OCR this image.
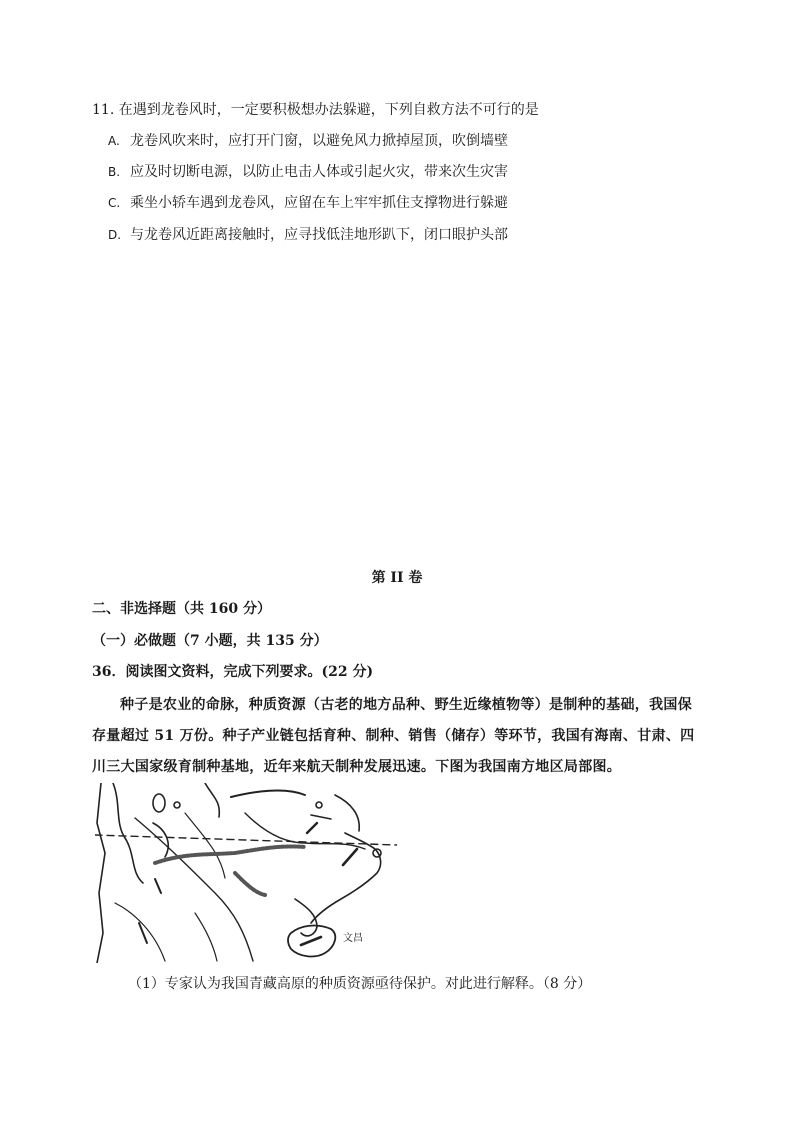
11. 在遇到龙卷风时，一定要积极想办法躲避，下列自救方法不可行的是
A. 龙卷风吹来时，应打开门窗，以避免风力掀掉屋顶，吹倒墙壁
B. 应及时切断电源，以防止电击人体或引起火灾，带来次生灾害
C. 乘坐小轿车遇到龙卷风，应留在车上牢牢抓住支撑物进行躲避
D. 与龙卷风近距离接触时，应寻找低洼地形趴下，闭口眼护头部
第 II 卷
二、非选择题（共 160 分）
（一）必做题（7 小题，共 135 分）
36．阅读图文资料，完成下列要求。(22 分)
种子是农业的命脉，种质资源（古老的地方品种、野生近缘植物等）是制种的基础，我国保存量超过 51 万份。种子产业链包括育种、制种、销售（储存）等环节，我国有海南、甘肃、四川三大国家级育制种基地，近年来航天制种发展迅速。下图为我国南方地区局部图。
文昌
（1）专家认为我国青藏高原的种质资源亟待保护。对此进行解释。（8 分）
